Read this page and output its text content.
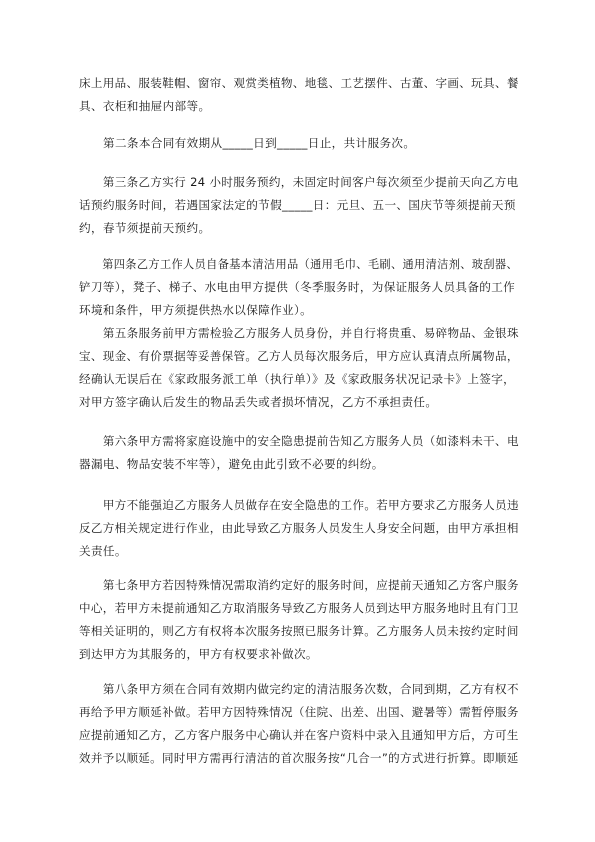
床上用品、服装鞋帽、窗帘、观赏类植物、地毯、工艺摆件、古董、字画、玩具、餐
具、衣柜和抽屉内部等。
第二条本合同有效期从_____日到_____日止，共计服务次。
第三条乙方实行 24 小时服务预约，未固定时间客户每次须至少提前天向乙方电
话预约服务时间，若遇国家法定的节假_____日：元旦、五一、国庆节等须提前天预
约，春节须提前天预约。
第四条乙方工作人员自备基本清洁用品（通用毛巾、毛刷、通用清洁剂、玻刮器、
铲刀等），凳子、梯子、水电由甲方提供（冬季服务时，为保证服务人员具备的工作
环境和条件，甲方须提供热水以保障作业）。
第五条服务前甲方需检验乙方服务人员身份，并自行将贵重、易碎物品、金银珠
宝、现金、有价票据等妥善保管。乙方人员每次服务后，甲方应认真清点所属物品，
经确认无误后在《家政服务派工单（执行单）》及《家政服务状况记录卡》上签字，
对甲方签字确认后发生的物品丢失或者损坏情况，乙方不承担责任。
第六条甲方需将家庭设施中的安全隐患提前告知乙方服务人员（如漆料未干、电
器漏电、物品安装不牢等），避免由此引致不必要的纠纷。
甲方不能强迫乙方服务人员做存在安全隐患的工作。若甲方要求乙方服务人员违
反乙方相关规定进行作业，由此导致乙方服务人员发生人身安全问题，由甲方承担相
关责任。
第七条甲方若因特殊情况需取消约定好的服务时间，应提前天通知乙方客户服务
中心，若甲方未提前通知乙方取消服务导致乙方服务人员到达甲方服务地时且有门卫
等相关证明的，则乙方有权将本次服务按照已服务计算。乙方服务人员未按约定时间
到达甲方为其服务的，甲方有权要求补做次。
第八条甲方须在合同有效期内做完约定的清洁服务次数，合同到期，乙方有权不
再给予甲方顺延补做。若甲方因特殊情况（住院、出差、出国、避暑等）需暂停服务
应提前通知乙方，乙方客户服务中心确认并在客户资料中录入且通知甲方后，方可生
效并予以顺延。同时甲方需再行清洁的首次服务按“几合一”的方式进行折算。即顺延
